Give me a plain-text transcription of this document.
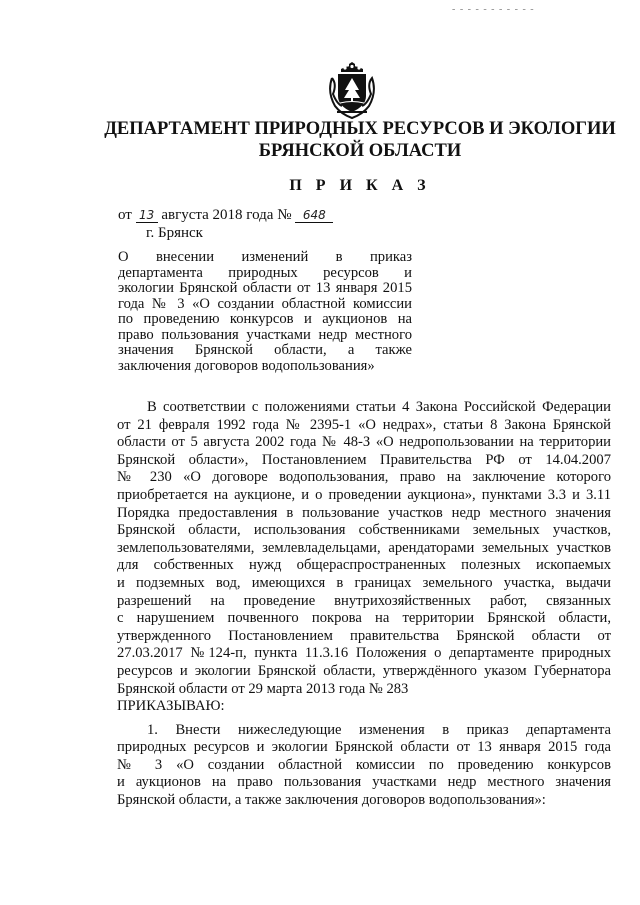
- - - - - - - - - - -
ДЕПАРТАМЕНТ ПРИРОДНЫХ РЕСУРСОВ И ЭКОЛОГИИ
БРЯНСКОЙ ОБЛАСТИ
П Р И К А З
от 13 августа 2018 года № 648
г. Брянск
О внесении изменений в приказ
департамента природных ресурсов и
экологии Брянской области от 13 января 2015
года № 3 «О создании областной комиссии
по проведению конкурсов и аукционов на
право пользования участками недр местного
значения Брянской области, а также
заключения договоров водопользования»
В соответствии с положениями статьи 4 Закона Российской Федерации
от 21 февраля 1992 года № 2395-1 «О недрах», статьи 8 Закона Брянской
области от 5 августа 2002 года № 48-З «О недропользовании на территории
Брянской области», Постановлением Правительства РФ от 14.04.2007
№ 230 «О договоре водопользования, право на заключение которого
приобретается на аукционе, и о проведении аукциона», пунктами 3.3 и 3.11
Порядка предоставления в пользование участков недр местного значения
Брянской области, использования собственниками земельных участков,
землепользователями, землевладельцами, арендаторами земельных участков
для собственных нужд общераспространенных полезных ископаемых
и подземных вод, имеющихся в границах земельного участка, выдачи
разрешений на проведение внутрихозяйственных работ, связанных
с нарушением почвенного покрова на территории Брянской области,
утвержденного Постановлением правительства Брянской области от
27.03.2017 №124-п, пункта 11.3.16 Положения о департаменте природных
ресурсов и экологии Брянской области, утверждённого указом Губернатора
Брянской области от 29 марта 2013 года № 283
ПРИКАЗЫВАЮ:
1. Внести нижеследующие изменения в приказ департамента
природных ресурсов и экологии Брянской области от 13 января 2015 года
№ 3 «О создании областной комиссии по проведению конкурсов
и аукционов на право пользования участками недр местного значения
Брянской области, а также заключения договоров водопользования»:
